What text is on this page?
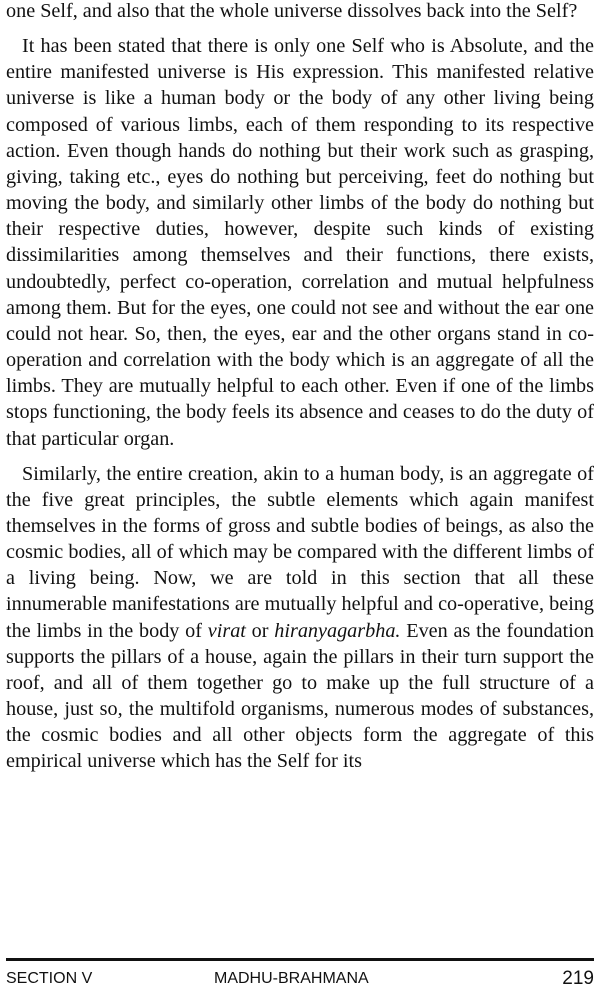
one Self, and also that the whole universe dissolves back into the Self?

It has been stated that there is only one Self who is Absolute, and the entire manifested universe is His expression. This manifested relative universe is like a human body or the body of any other living being composed of various limbs, each of them responding to its respective action. Even though hands do nothing but their work such as grasping, giving, taking etc., eyes do nothing but perceiving, feet do nothing but moving the body, and similarly other limbs of the body do nothing but their respective duties, however, despite such kinds of existing dissimilarities among themselves and their functions, there exists, undoubtedly, perfect co-operation, correlation and mutual helpfulness among them. But for the eyes, one could not see and without the ear one could not hear. So, then, the eyes, ear and the other organs stand in co-operation and correlation with the body which is an aggregate of all the limbs. They are mutually helpful to each other. Even if one of the limbs stops functioning, the body feels its absence and ceases to do the duty of that particular organ.

Similarly, the entire creation, akin to a human body, is an aggregate of the five great principles, the subtle elements which again manifest themselves in the forms of gross and subtle bodies of beings, as also the cosmic bodies, all of which may be compared with the different limbs of a living being. Now, we are told in this section that all these innumerable manifestations are mutually helpful and co-operative, being the limbs in the body of virat or hiranyagarbha. Even as the foundation supports the pillars of a house, again the pillars in their turn support the roof, and all of them together go to make up the full structure of a house, just so, the multifold organisms, numerous modes of substances, the cosmic bodies and all other objects form the aggregate of this empirical universe which has the Self for its

SECTION V	MADHU-BRAHMANA	219
